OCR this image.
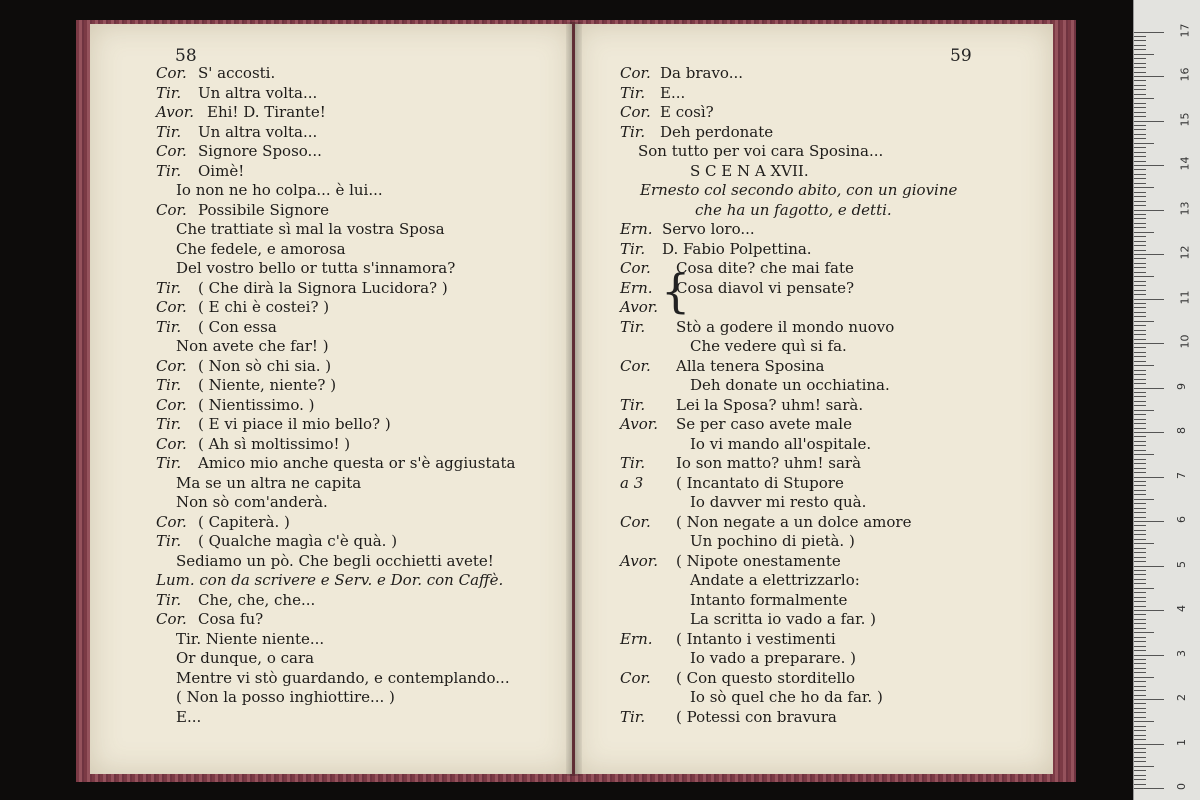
58	59
Cor. S' accosti.
Tir. Un altra volta...
Avor. Ehi! D. Tirante!
Tir. Un altra volta...
Cor. Signore Sposo...
Tir. Oimè!
Io non ne ho colpa... è lui...
Cor. Possibile Signore
Che trattiate sì mal la vostra Sposa
Che fedele, e amorosa
Del vostro bello or tutta s'innamora?
Tir. ( Che dirà la Signora Lucidora? )
Cor. ( E chi è costei? )
Tir. ( Con essa
Non avete che far! )
Cor. ( Non sò chi sia. )
Tir. ( Niente, niente? )
Cor. ( Nientissimo. )
Tir. ( E vi piace il mio bello? )
Cor. ( Ah sì moltissimo! )
Tir. Amico mio anche questa or s'è aggiustata
Ma se un altra ne capita
Non sò com'anderà.
Cor. ( Capiterà. )
Tir. ( Qualche magìa c'è quà. )
Sediamo un pò. Che begli occhietti avete!
Lum. con da scrivere e Serv. e Dor. con Caffè.
Tir. Che, che, che...
Cor. Cosa fu?
Tir. Niente niente...
Or dunque, o cara
Mentre vi stò guardando, e contemplando...
( Non la posso inghiottire... )
E...
Cor. Da bravo...
Tir. E...
Cor. E così?
Tir. Deh perdonate
Son tutto per voi cara Sposina...
S C E N A XVII.
Ernesto col secondo abito, con un giovine
che ha un fagotto, e detti.
Ern. Servo loro...
Tir. D. Fabio Polpettina.
Cor. Cosa dite? che mai fate
Ern. Cosa diavol vi pensate?
Avor.
Tir. Stò a godere il mondo nuovo
Che vedere quì si fa.
Cor. Alla tenera Sposina
Deh donate un occhiatina.
Tir. Lei la Sposa? uhm! sarà.
Avor. Se per caso avete male
Io vi mando all'ospitale.
Tir. Io son matto? uhm! sarà
a 3 ( Incantato di Stupore
Io davver mi resto quà.
Cor. ( Non negate a un dolce amore
Un pochino di pietà. )
Avor. ( Nipote onestamente
Andate a elettrizzarlo:
Intanto formalmente
La scritta io vado a far. )
Ern. ( Intanto i vestimenti
Io vado a preparare. )
Cor. ( Con questo storditello
Io sò quel che ho da far. )
Tir. ( Potessi con bravura
{
17
16
15
14
13
12
11
10
9
8
7
6
5
4
3
2
1
0
